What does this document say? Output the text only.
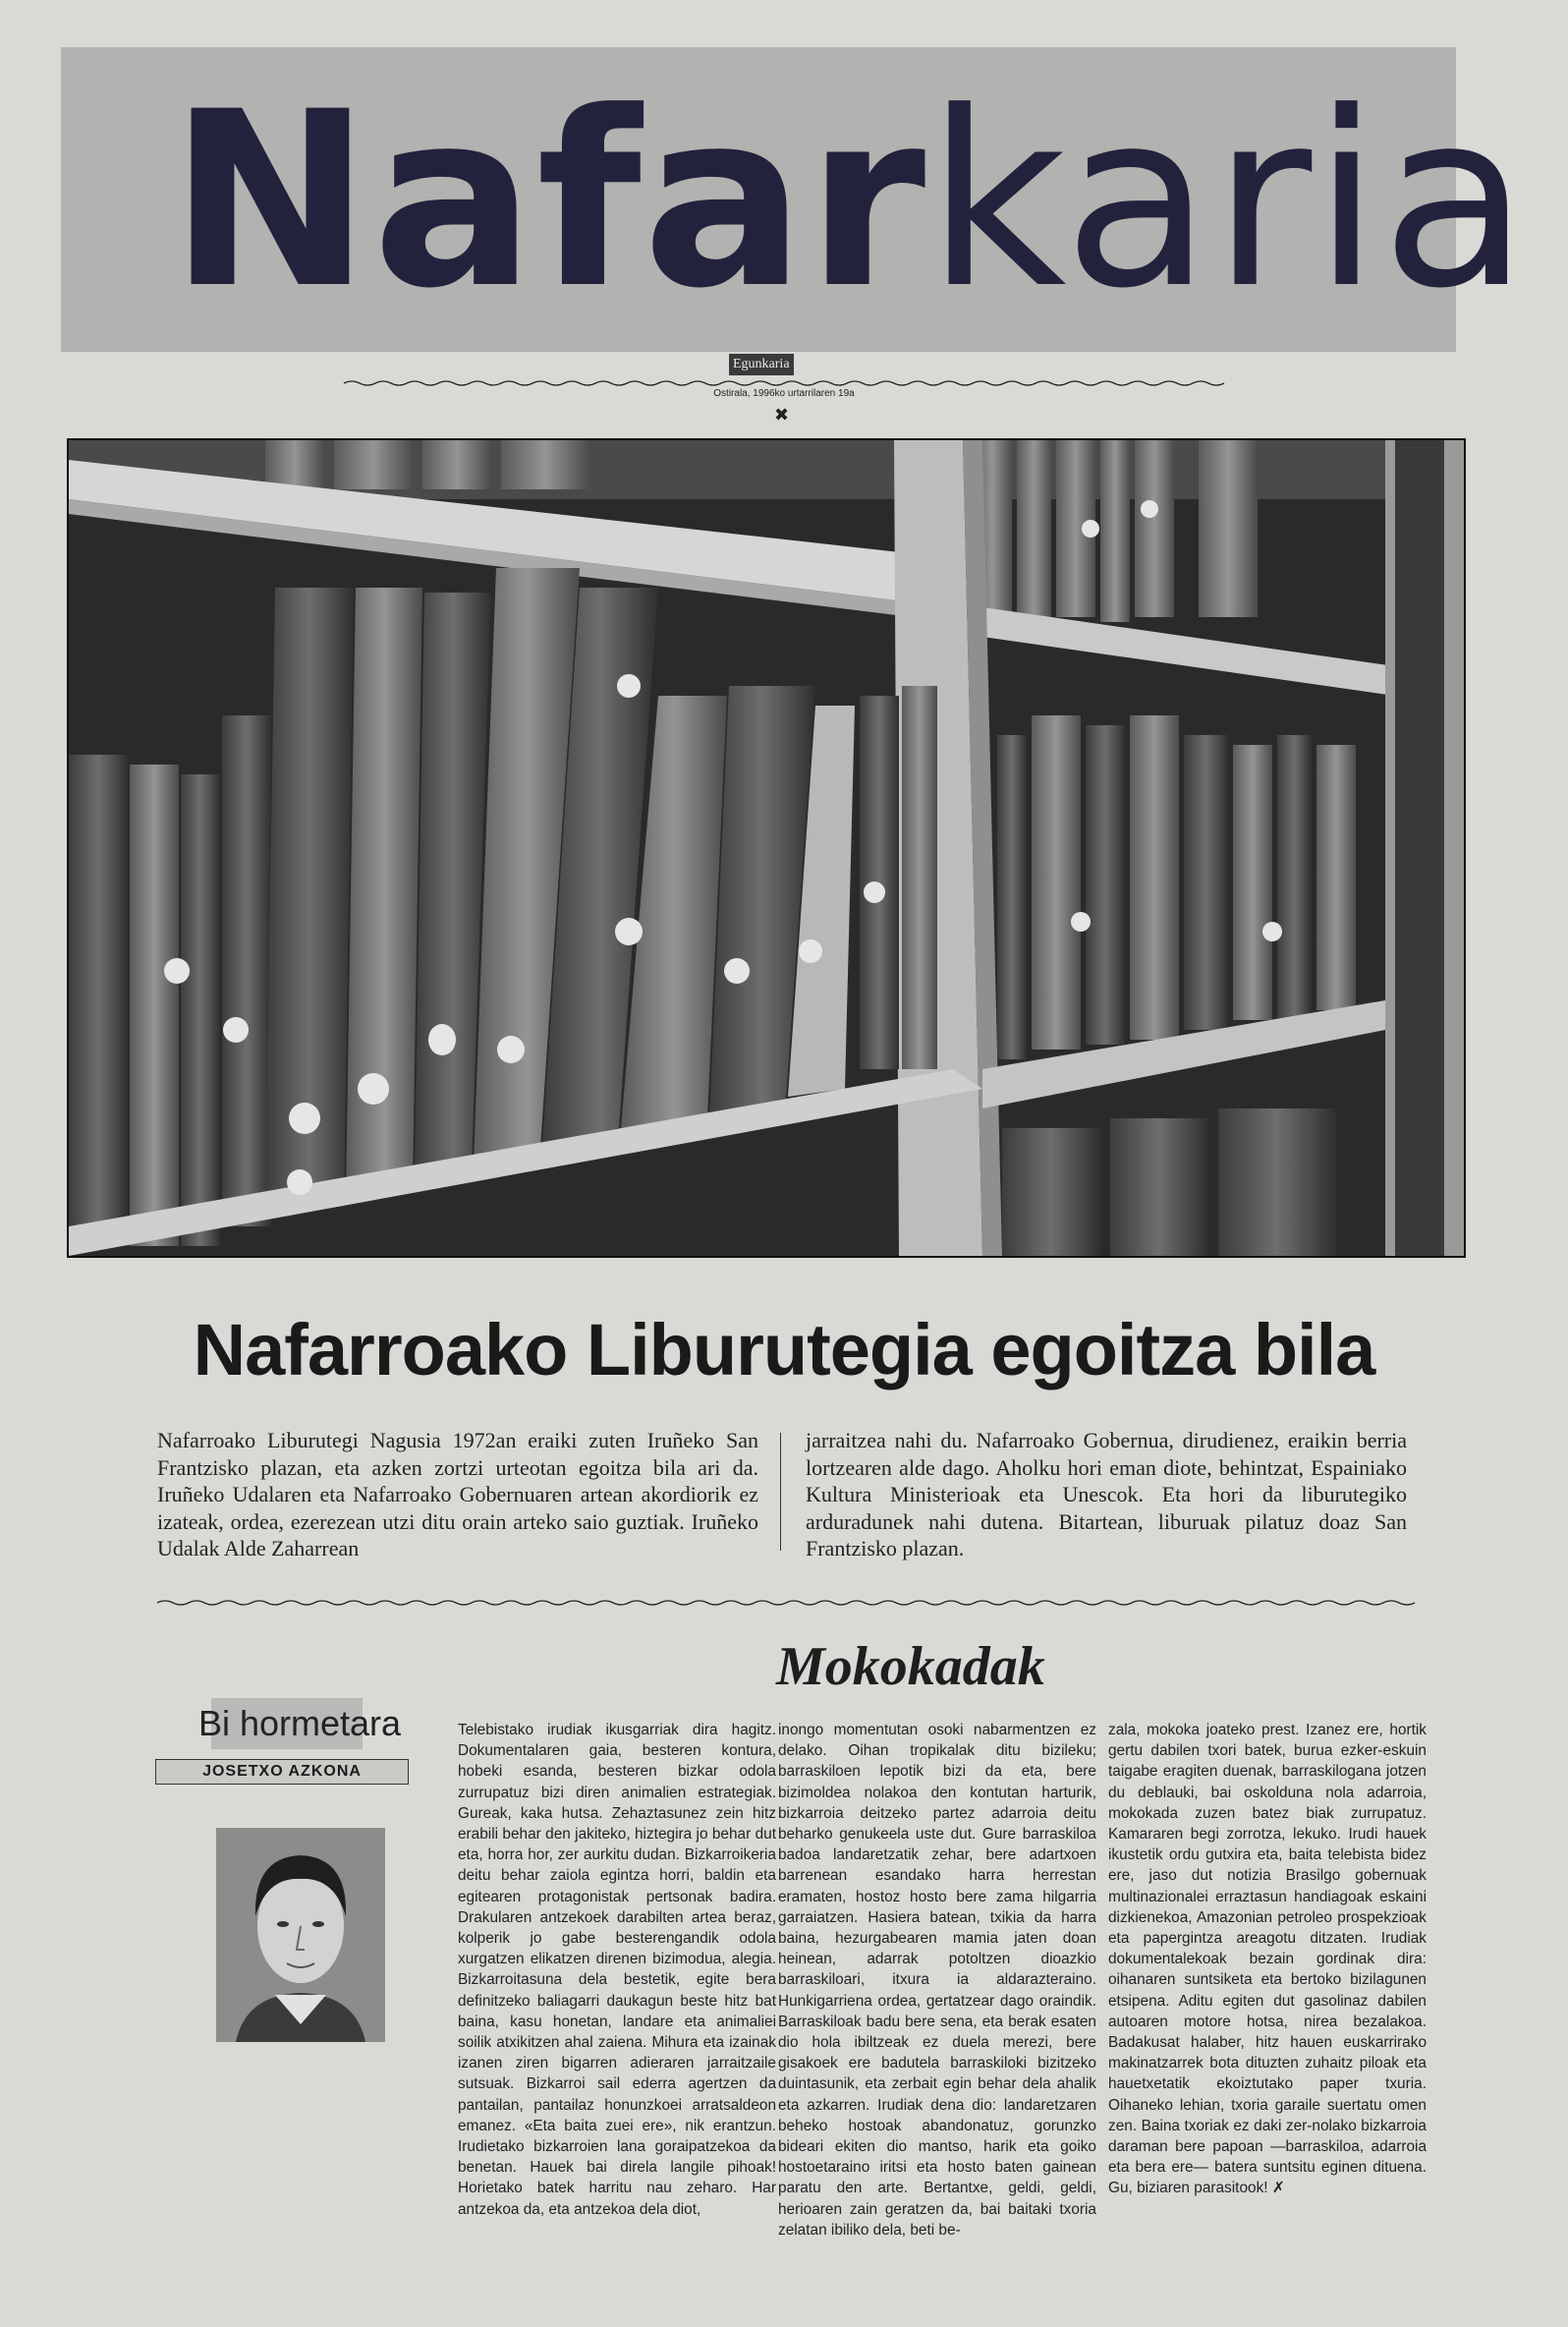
Nafarkaria
Egunkaria
Ostirala, 1996ko urtarrilaren 19a
✖
Nafarroako Liburutegia egoitza bila

Nafarroako Liburutegi Nagusia 1972an eraiki zuten Iruñeko San Frantzisko plazan, eta azken zortzi urteotan egoitza bila ari da. Iruñeko Udalaren eta Nafarroako Gobernuaren artean akordiorik ez izateak, ordea, ezerezean utzi ditu orain arteko saio guztiak. Iruñeko Udalak Alde Zaharrean

jarraitzea nahi du. Nafarroako Gobernua, dirudienez, eraikin berria lortzearen alde dago. Aholku hori eman diote, behintzat, Espainiako Kultura Ministerioak eta Unescok. Eta hori da liburutegiko arduradunek nahi dutena. Bitartean, liburuak pilatuz doaz San Frantzisko plazan.

Mokokadak
Bi hormetara
JOSETXO AZKONA

Telebistako irudiak ikusgarriak dira hagitz. Dokumentalaren gaia, besteren kontura, hobeki esanda, besteren bizkar odola zurrupatuz bizi diren animalien estrategiak. Gureak, kaka hutsa. Zehaztasunez zein hitz erabili behar den jakiteko, hiztegira jo behar dut eta, horra hor, zer aurkitu dudan. Bizkarroikeria deitu behar zaiola egintza horri, baldin eta egitearen protagonistak pertsonak badira. Drakularen antzekoek darabilten artea beraz, kolperik jo gabe besterengandik odola xurgatzen elikatzen direnen bizimodua, alegia. Bizkarroitasuna dela bestetik, egite bera definitzeko baliagarri daukagun beste hitz bat baina, kasu honetan, landare eta animaliei soilik atxikitzen ahal zaiena. Mihura eta izainak izanen ziren bigarren adieraren jarraitzaile sutsuak. Bizkarroi sail ederra agertzen da pantailan, pantailaz honunzkoei arratsaldeon emanez. «Eta baita zuei ere», nik erantzun. Irudietako bizkarroien lana goraipatzekoa da benetan. Hauek bai direla langile pihoak! Horietako batek harritu nau zeharo. Har antzekoa da, eta antzekoa dela diot,

inongo momentutan osoki nabarmentzen ez delako. Oihan tropikalak ditu bizileku; barraskiloen lepotik bizi da eta, bere bizimoldea nolakoa den kontutan harturik, bizkarroia deitzeko partez adarroia deitu beharko genukeela uste dut. Gure barraskiloa badoa landaretzatik zehar, bere adartxoen barrenean esandako harra herrestan eramaten, hostoz hosto bere zama hilgarria garraiatzen. Hasiera batean, txikia da harra baina, hezurgabearen mamia jaten doan heinean, adarrak potoltzen dioazkio barraskiloari, itxura ia aldarazteraino. Hunkigarriena ordea, gertatzear dago oraindik. Barraskiloak badu bere sena, eta berak esaten dio hola ibiltzeak ez duela merezi, bere gisakoek ere badutela barraskiloki bizitzeko duintasunik, eta zerbait egin behar dela ahalik eta azkarren. Irudiak dena dio: landaretzaren beheko hostoak abandonatuz, gorunzko bideari ekiten dio mantso, harik eta goiko hostoetaraino iritsi eta hosto baten gainean paratu den arte. Bertantxe, geldi, geldi, herioaren zain geratzen da, bai baitaki txoria zelatan ibiliko dela, beti be-

zala, mokoka joateko prest. Izanez ere, hortik gertu dabilen txori batek, burua ezker-eskuin taigabe eragiten duenak, barraskilogana jotzen du deblauki, bai oskolduna nola adarroia, mokokada zuzen batez biak zurrupatuz. Kamararen begi zorrotza, lekuko. Irudi hauek ikustetik ordu gutxira eta, baita telebista bidez ere, jaso dut notizia Brasilgo gobernuak multinazionalei erraztasun handiagoak eskaini dizkienekoa, Amazonian petroleo prospekzioak eta papergintza areagotu ditzaten. Irudiak dokumentalekoak bezain gordinak dira: oihanaren suntsiketa eta bertoko bizilagunen etsipena. Aditu egiten dut gasolinaz dabilen autoaren motore hotsa, nirea bezalakoa. Badakusat halaber, hitz hauen euskarrirako makinatzarrek bota dituzten zuhaitz piloak eta hauetxetatik ekoiztutako paper txuria. Oihaneko lehian, txoria garaile suertatu omen zen. Baina txoriak ez daki zer-nolako bizkarroia daraman bere papoan —barraskiloa, adarroia eta bera ere— batera suntsitu eginen dituena. Gu, biziaren parasitook! ✗
